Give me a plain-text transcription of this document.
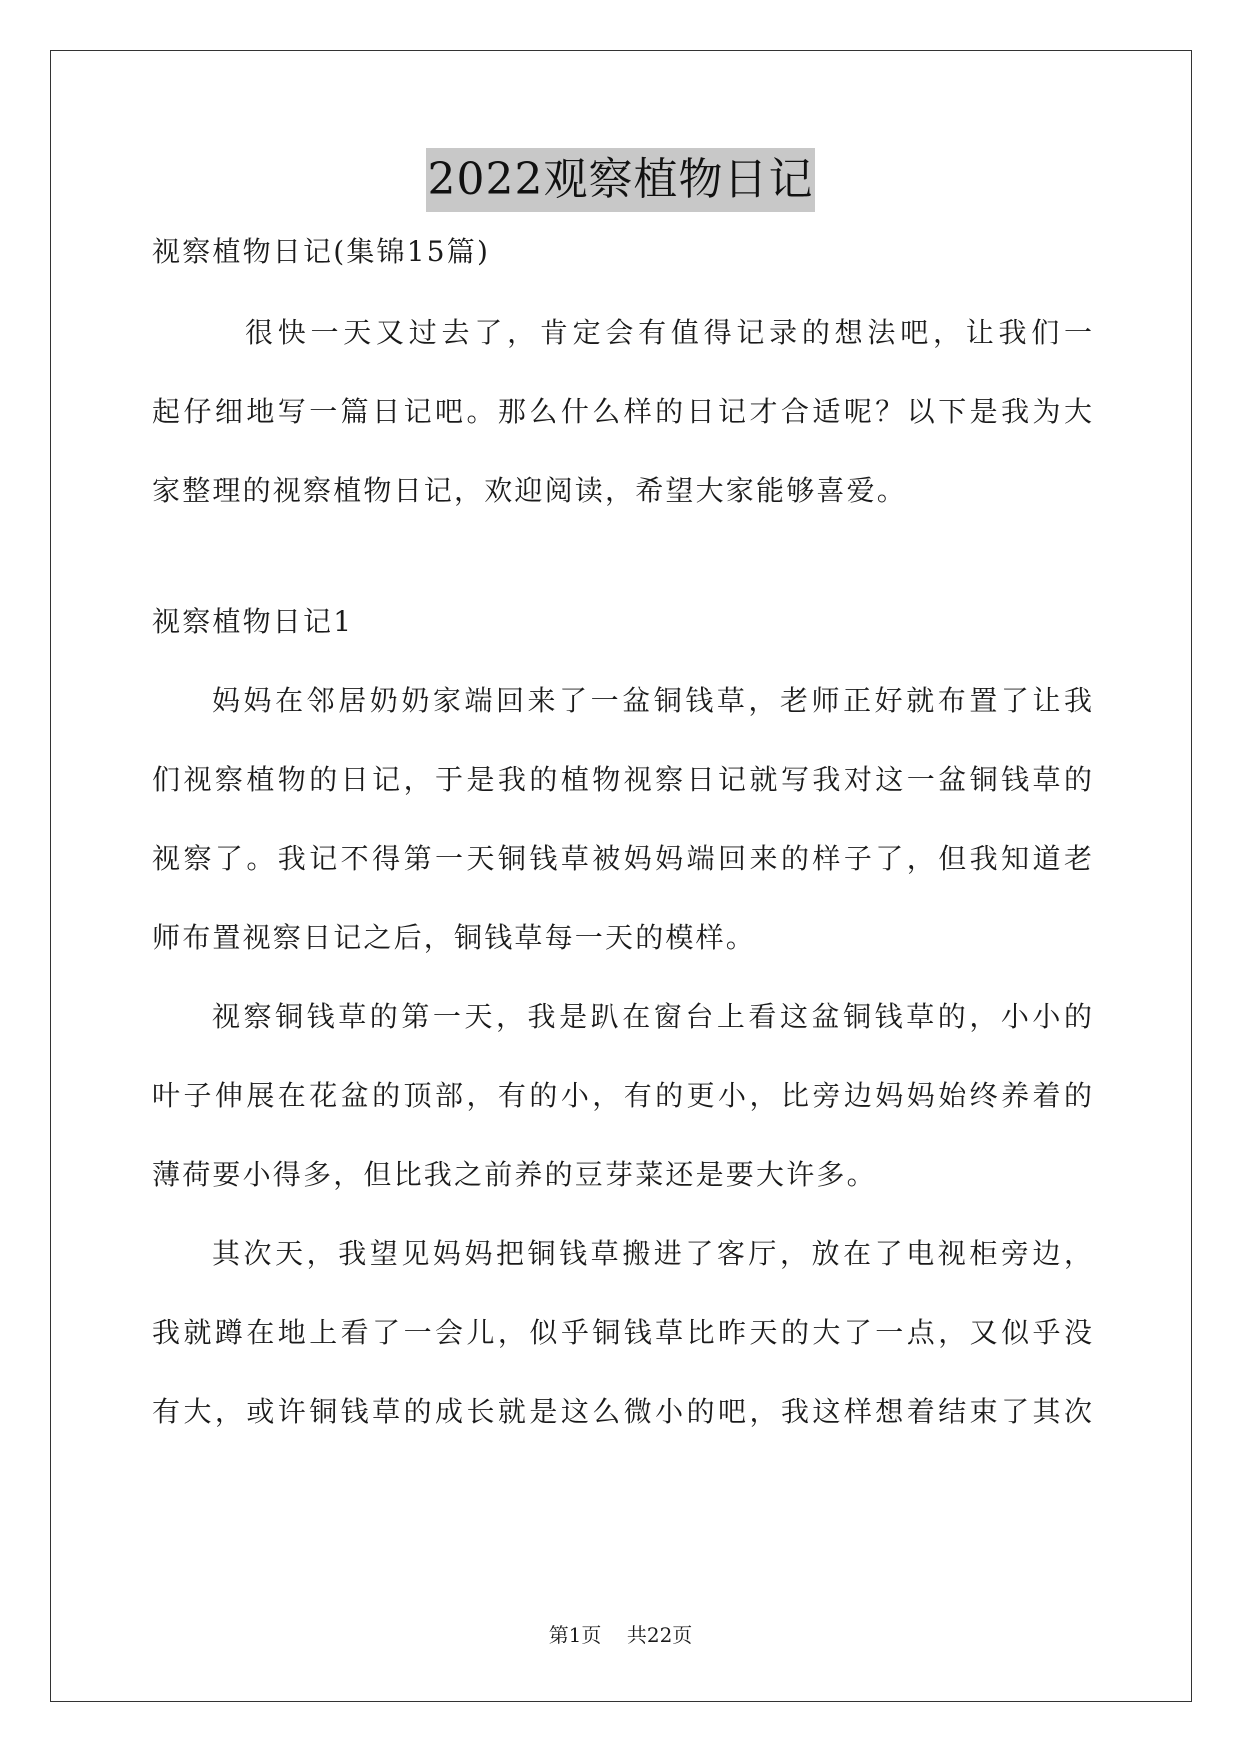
2022观察植物日记
视察植物日记(集锦15篇)
很快一天又过去了，肯定会有值得记录的想法吧，让我们一
起仔细地写一篇日记吧。那么什么样的日记才合适呢？以下是我为大
家整理的视察植物日记，欢迎阅读，希望大家能够喜爱。
视察植物日记1
妈妈在邻居奶奶家端回来了一盆铜钱草，老师正好就布置了让我
们视察植物的日记，于是我的植物视察日记就写我对这一盆铜钱草的
视察了。我记不得第一天铜钱草被妈妈端回来的样子了，但我知道老
师布置视察日记之后，铜钱草每一天的模样。
视察铜钱草的第一天，我是趴在窗台上看这盆铜钱草的，小小的
叶子伸展在花盆的顶部，有的小，有的更小，比旁边妈妈始终养着的
薄荷要小得多，但比我之前养的豆芽菜还是要大许多。
其次天，我望见妈妈把铜钱草搬进了客厅，放在了电视柜旁边，
我就蹲在地上看了一会儿，似乎铜钱草比昨天的大了一点，又似乎没
有大，或许铜钱草的成长就是这么微小的吧，我这样想着结束了其次
第1页 共22页
